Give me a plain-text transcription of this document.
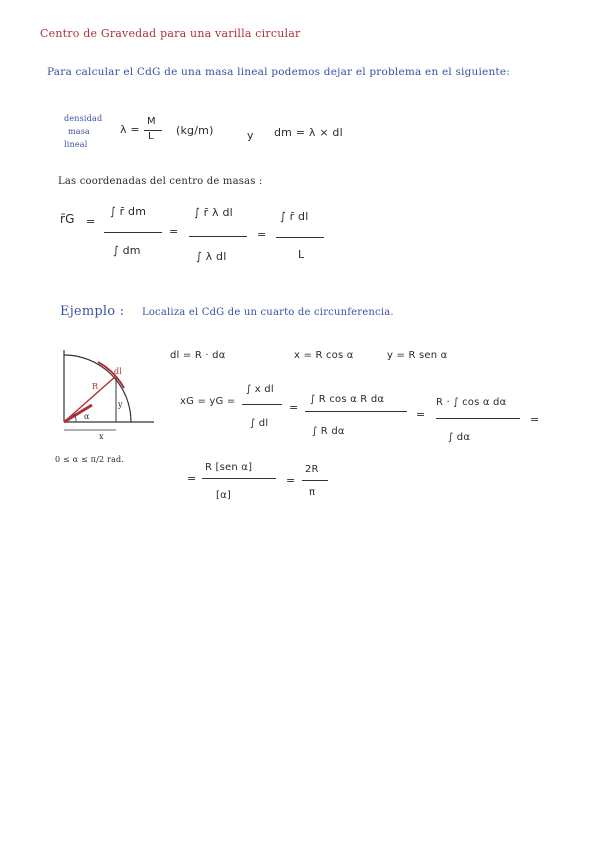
Centro de Gravedad para una varilla circular
Para calcular el CdG de una masa lineal podemos dejar el problema en el siguiente:
densidad
masa
lineal
λ =
M
L (kg/m)	y dm = λ × dl
Las coordenadas del centro de masas :
r̄G =
∫ r̄ dm
∫ dm
=
∫ r̄ λ dl
∫ λ dl
=
∫ r̄ dl
L
Ejemplo : Localiza el CdG de un cuarto de circunferencia.
dl
R
α
y
x
0 ≤ α ≤ π/2 rad.
dl = R · dα	x = R cos α	y = R sen α
xG = yG =
∫ x dl
∫ dl
=
∫ R cos α R dα
∫ R dα
=
R · ∫ cos α dα
∫ dα
=
=
R [sen α]
[α]
=
2R
π
